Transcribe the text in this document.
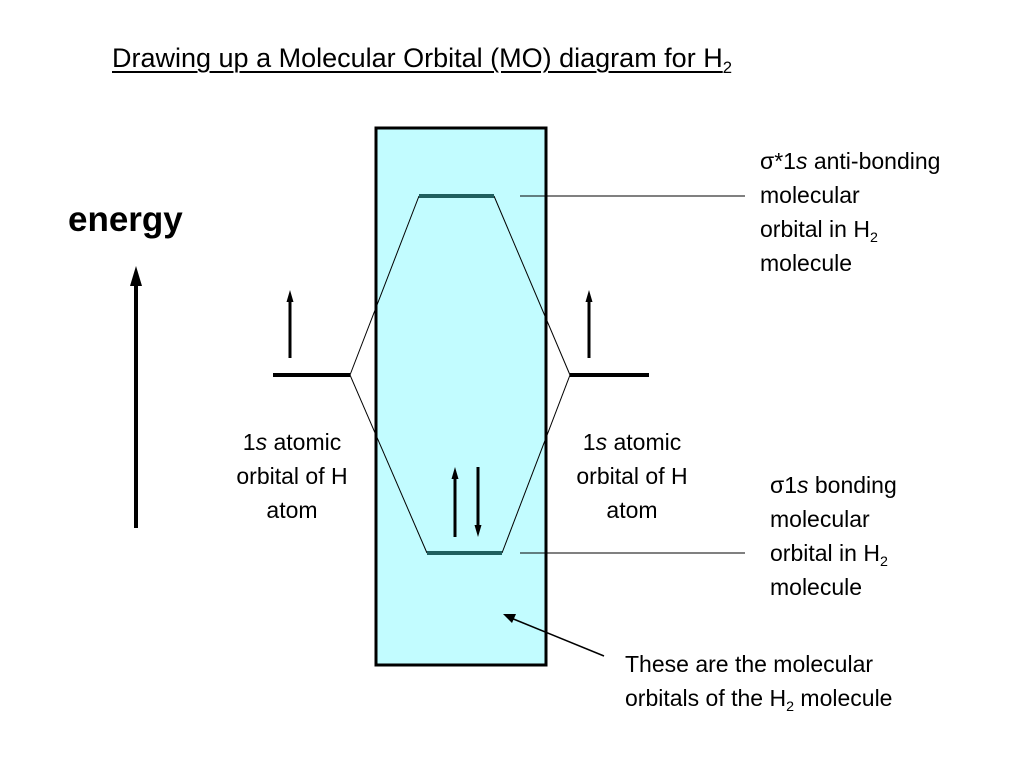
Drawing up a Molecular Orbital (MO) diagram for $H_2$
energy
σ*1s anti-bonding
molecular
orbital in $H_2$
molecule
σ1s bonding
molecular
orbital in $H_2$
molecule
1s atomic
orbital of H
atom
1s atomic
orbital of H
atom
These are the molecular
orbitals of the $H_2$ molecule
